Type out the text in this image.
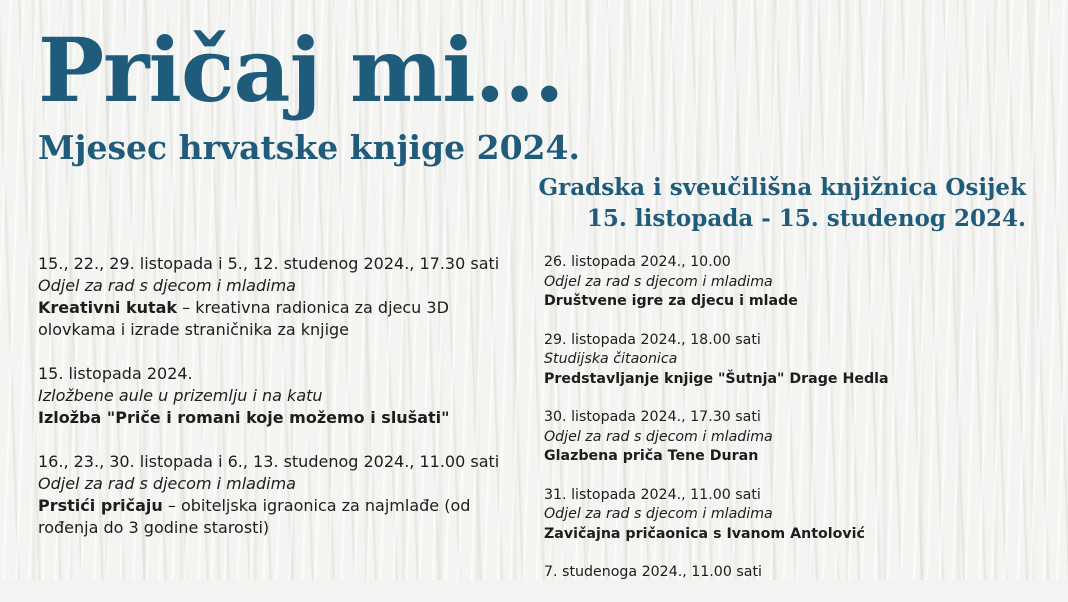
Pričaj mi...
Mjesec hrvatske knjige 2024.
Gradska i sveučilišna knjižnica Osijek
15. listopada - 15. studenog 2024.
15., 22., 29. listopada i 5., 12. studenog 2024., 17.30 sati
Odjel za rad s djecom i mladima
Kreativni kutak – kreativna radionica za djecu 3D olovkama i izrade straničnika za knjige
15. listopada 2024.
Izložbene aule u prizemlju i na katu
Izložba "Priče i romani koje možemo i slušati"
16., 23., 30. listopada i 6., 13. studenog 2024., 11.00 sati
Odjel za rad s djecom i mladima
Prstići pričaju – obiteljska igraonica za najmlađe (od rođenja do 3 godine starosti)
26. listopada 2024., 10.00
Odjel za rad s djecom i mladima
Društvene igre za djecu i mlade
29. listopada 2024., 18.00 sati
Studijska čitaonica
Predstavljanje knjige "Šutnja" Drage Hedla
30. listopada 2024., 17.30 sati
Odjel za rad s djecom i mladima
Glazbena priča Tene Duran
31. listopada 2024., 11.00 sati
Odjel za rad s djecom i mladima
Zavičajna pričaonica s Ivanom Antolović
7. studenoga 2024., 11.00 sati
